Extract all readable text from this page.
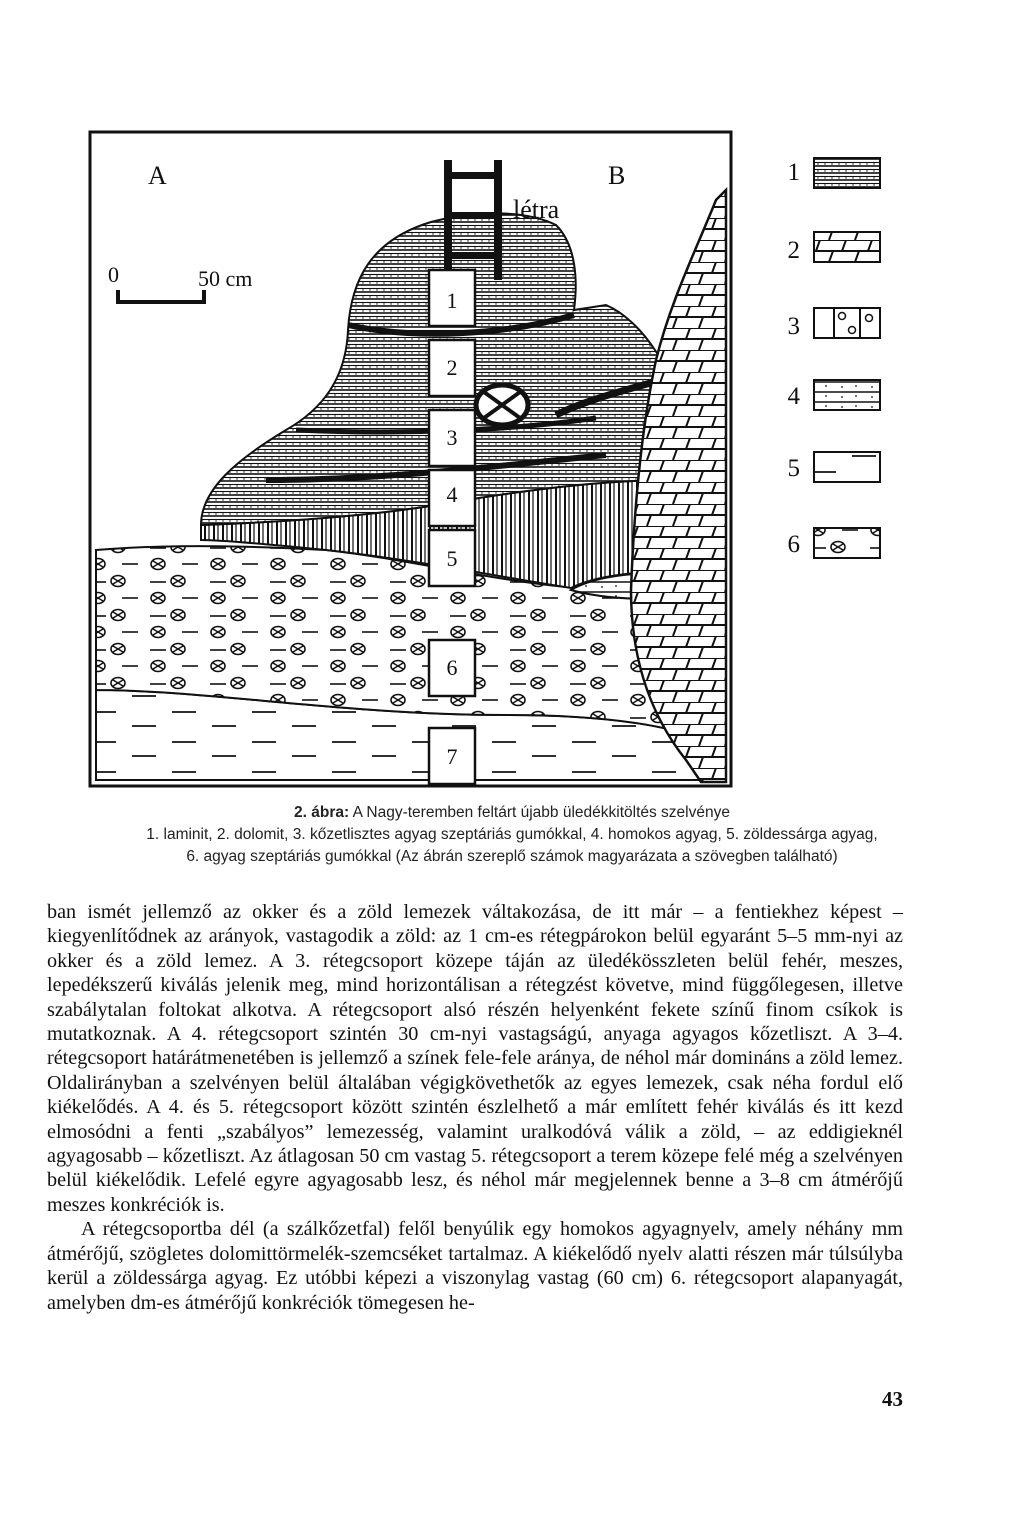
1
2
3
4
5
6
7
A	B
létra
0	50 cm
1
2
3
4
5
6
2. ábra: A Nagy-teremben feltárt újabb üledékkitöltés szelvénye
1. laminit, 2. dolomit, 3. kőzetlisztes agyag szeptáriás gumókkal, 4. homokos agyag, 5. zöldessárga agyag,
6. agyag szeptáriás gumókkal (Az ábrán szereplő számok magyarázata a szövegben található)

ban ismét jellemző az okker és a zöld lemezek váltakozása, de itt már – a fentiekhez képest – kiegyenlítődnek az arányok, vastagodik a zöld: az 1 cm-es rétegpárokon belül egyaránt 5–5 mm-nyi az okker és a zöld lemez. A 3. rétegcsoport közepe táján az üledékösszleten belül fehér, meszes, lepedékszerű kiválás jelenik meg, mind horizontálisan a rétegzést követve, mind függőlegesen, illetve szabálytalan foltokat alkotva. A rétegcsoport alsó részén helyenként fekete színű finom csíkok is mutatkoznak. A 4. rétegcsoport szintén 30 cm-nyi vastagságú, anyaga agyagos kőzetliszt. A 3–4. rétegcsoport határátmenetében is jellemző a színek fele-fele aránya, de néhol már domináns a zöld lemez. Oldalirányban a szelvényen belül általában végigkövethetők az egyes lemezek, csak néha fordul elő kiékelődés. A 4. és 5. rétegcsoport között szintén észlelhető a már említett fehér kiválás és itt kezd elmosódni a fenti „szabályos” lemezesség, valamint uralkodóvá válik a zöld, – az eddigieknél agyagosabb – kőzetliszt. Az átlagosan 50 cm vastag 5. rétegcsoport a terem közepe felé még a szelvényen belül kiékelődik. Lefelé egyre agyagosabb lesz, és néhol már megjelennek benne a 3–8 cm átmérőjű meszes konkréciók is.

A rétegcsoportba dél (a szálkőzetfal) felől benyúlik egy homokos agyagnyelv, amely néhány mm átmérőjű, szögletes dolomittörmelék-szemcséket tartalmaz. A kiékelődő nyelv alatti részen már túlsúlyba kerül a zöldessárga agyag. Ez utóbbi képezi a viszonylag vastag (60 cm) 6. rétegcsoport alapanyagát, amelyben dm-es átmérőjű konkréciók tömegesen he-

43
